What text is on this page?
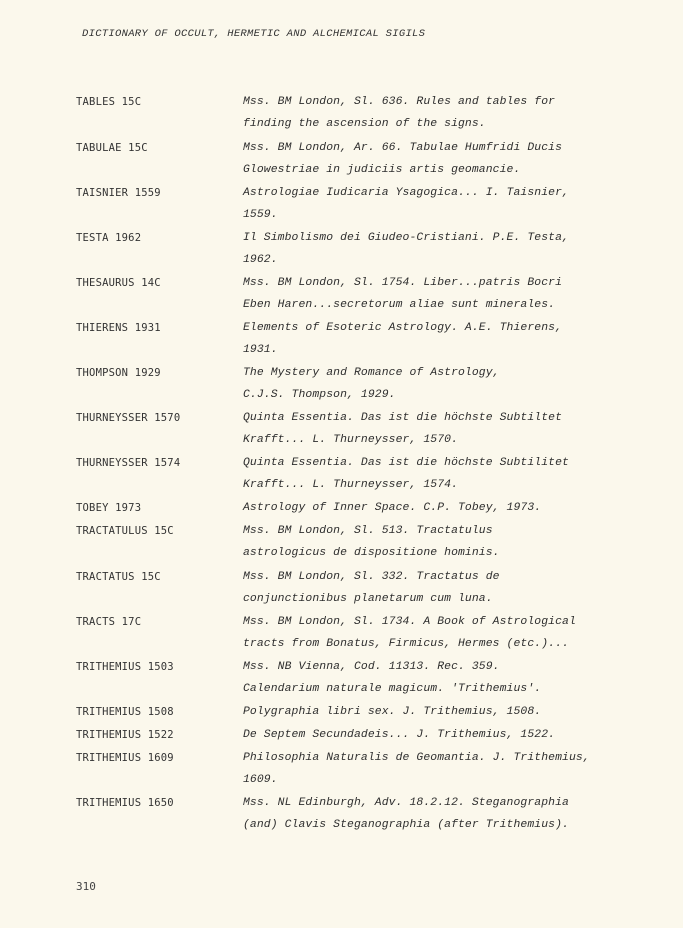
DICTIONARY OF OCCULT, HERMETIC AND ALCHEMICAL SIGILS
TABLES 15C	Mss. BM London, Sl. 636. Rules and tables for
finding the ascension of the signs.
TABULAE 15C	Mss. BM London, Ar. 66. Tabulae Humfridi Ducis
Glowestriae in judiciis artis geomancie.
TAISNIER 1559	Astrologiae Iudicaria Ysagogica... I. Taisnier,
1559.
TESTA 1962	Il Simbolismo dei Giudeo-Cristiani. P.E. Testa,
1962.
THESAURUS 14C	Mss. BM London, Sl. 1754. Liber...patris Bocri
Eben Haren...secretorum aliae sunt minerales.
THIERENS 1931	Elements of Esoteric Astrology. A.E. Thierens,
1931.
THOMPSON 1929	The Mystery and Romance of Astrology,
C.J.S. Thompson, 1929.
THURNEYSSER 1570	Quinta Essentia. Das ist die höchste Subtiltet
Krafft... L. Thurneysser, 1570.
THURNEYSSER 1574	Quinta Essentia. Das ist die höchste Subtilitet
Krafft... L. Thurneysser, 1574.
TOBEY 1973	Astrology of Inner Space. C.P. Tobey, 1973.
TRACTATULUS 15C	Mss. BM London, Sl. 513. Tractatulus
astrologicus de dispositione hominis.
TRACTATUS 15C	Mss. BM London, Sl. 332. Tractatus de
conjunctionibus planetarum cum luna.
TRACTS 17C	Mss. BM London, Sl. 1734. A Book of Astrological
tracts from Bonatus, Firmicus, Hermes (etc.)...
TRITHEMIUS 1503	Mss. NB Vienna, Cod. 11313. Rec. 359.
Calendarium naturale magicum. 'Trithemius'.
TRITHEMIUS 1508	Polygraphia libri sex. J. Trithemius, 1508.
TRITHEMIUS 1522	De Septem Secundadeis... J. Trithemius, 1522.
TRITHEMIUS 1609	Philosophia Naturalis de Geomantia. J. Trithemius,
1609.
TRITHEMIUS 1650	Mss. NL Edinburgh, Adv. 18.2.12. Steganographia
(and) Clavis Steganographia (after Trithemius).
310
